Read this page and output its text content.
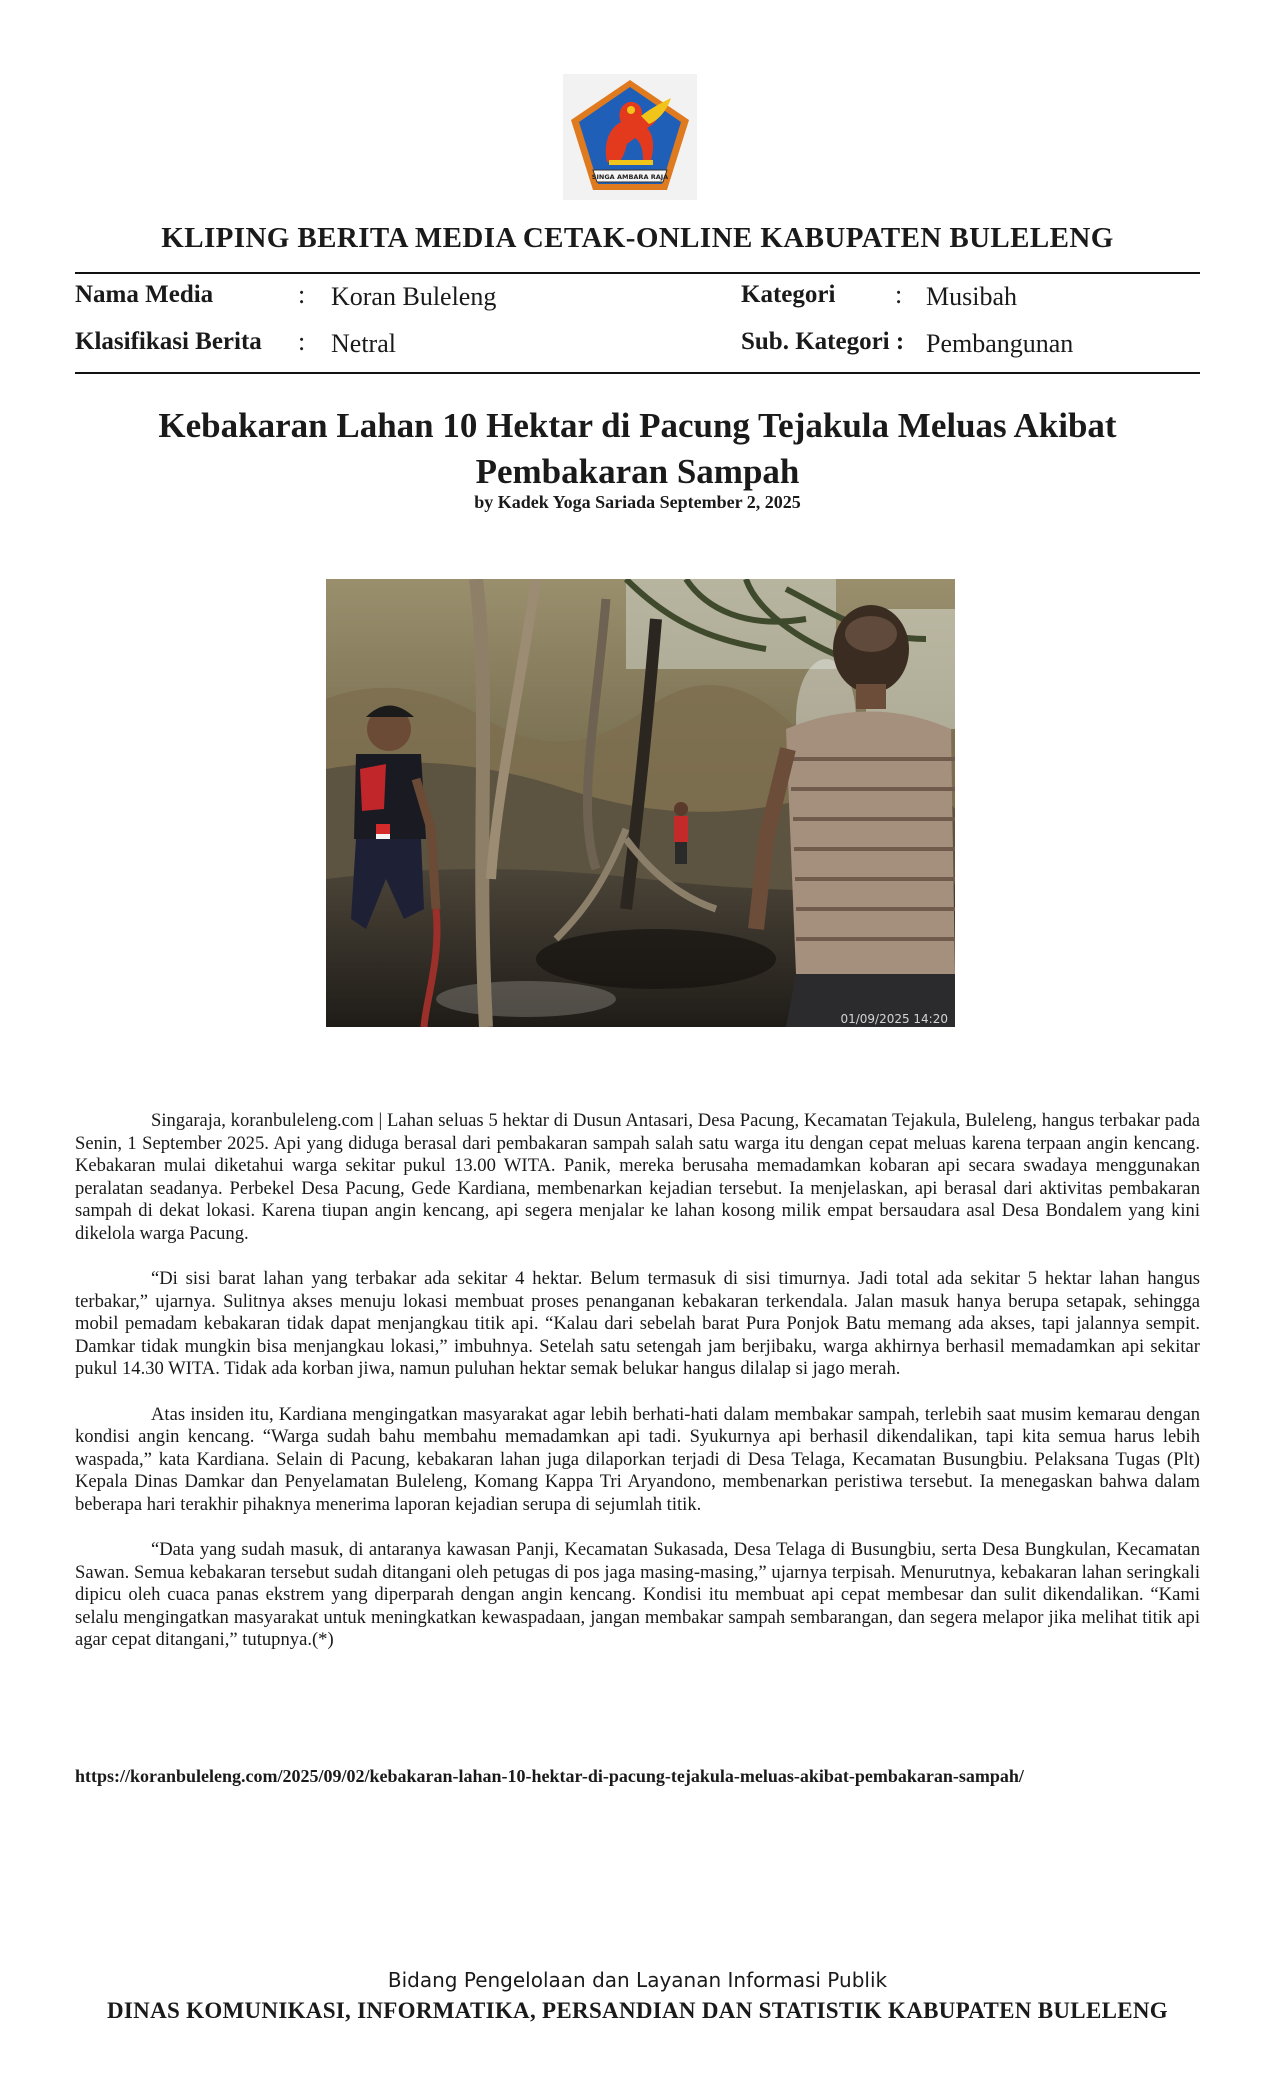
SINGA AMBARA RAJA
KLIPING BERITA MEDIA CETAK-ONLINE KABUPATEN BULELENG
Nama Media	: Koran Buleleng	Kategori : Musibah
Klasifikasi Berita : Netral	Sub. Kategori : Pembangunan
Kebakaran Lahan 10 Hektar di Pacung Tejakula Meluas Akibat
Pembakaran Sampah
by Kadek Yoga Sariada September 2, 2025
01/09/2025 14:20

Singaraja, koranbuleleng.com | Lahan seluas 5 hektar di Dusun Antasari, Desa Pacung, Kecamatan Tejakula, Buleleng, hangus terbakar pada Senin, 1 September 2025. Api yang diduga berasal dari pembakaran sampah salah satu warga itu dengan cepat meluas karena terpaan angin kencang. Kebakaran mulai diketahui warga sekitar pukul 13.00 WITA. Panik, mereka berusaha memadamkan kobaran api secara swadaya menggunakan peralatan seadanya. Perbekel Desa Pacung, Gede Kardiana, membenarkan kejadian tersebut. Ia menjelaskan, api berasal dari aktivitas pembakaran sampah di dekat lokasi. Karena tiupan angin kencang, api segera menjalar ke lahan kosong milik empat bersaudara asal Desa Bondalem yang kini dikelola warga Pacung.

“Di sisi barat lahan yang terbakar ada sekitar 4 hektar. Belum termasuk di sisi timurnya. Jadi total ada sekitar 5 hektar lahan hangus terbakar,” ujarnya. Sulitnya akses menuju lokasi membuat proses penanganan kebakaran terkendala. Jalan masuk hanya berupa setapak, sehingga mobil pemadam kebakaran tidak dapat menjangkau titik api. “Kalau dari sebelah barat Pura Ponjok Batu memang ada akses, tapi jalannya sempit. Damkar tidak mungkin bisa menjangkau lokasi,” imbuhnya. Setelah satu setengah jam berjibaku, warga akhirnya berhasil memadamkan api sekitar pukul 14.30 WITA. Tidak ada korban jiwa, namun puluhan hektar semak belukar hangus dilalap si jago merah.

Atas insiden itu, Kardiana mengingatkan masyarakat agar lebih berhati-hati dalam membakar sampah, terlebih saat musim kemarau dengan kondisi angin kencang. “Warga sudah bahu membahu memadamkan api tadi. Syukurnya api berhasil dikendalikan, tapi kita semua harus lebih waspada,” kata Kardiana. Selain di Pacung, kebakaran lahan juga dilaporkan terjadi di Desa Telaga, Kecamatan Busungbiu. Pelaksana Tugas (Plt) Kepala Dinas Damkar dan Penyelamatan Buleleng, Komang Kappa Tri Aryandono, membenarkan peristiwa tersebut. Ia menegaskan bahwa dalam beberapa hari terakhir pihaknya menerima laporan kejadian serupa di sejumlah titik.

“Data yang sudah masuk, di antaranya kawasan Panji, Kecamatan Sukasada, Desa Telaga di Busungbiu, serta Desa Bungkulan, Kecamatan Sawan. Semua kebakaran tersebut sudah ditangani oleh petugas di pos jaga masing-masing,” ujarnya terpisah. Menurutnya, kebakaran lahan seringkali dipicu oleh cuaca panas ekstrem yang diperparah dengan angin kencang. Kondisi itu membuat api cepat membesar dan sulit dikendalikan. “Kami selalu mengingatkan masyarakat untuk meningkatkan kewaspadaan, jangan membakar sampah sembarangan, dan segera melapor jika melihat titik api agar cepat ditangani,” tutupnya.(*)

https://koranbuleleng.com/2025/09/02/kebakaran-lahan-10-hektar-di-pacung-tejakula-meluas-akibat-pembakaran-sampah/
Bidang Pengelolaan dan Layanan Informasi Publik
DINAS KOMUNIKASI, INFORMATIKA, PERSANDIAN DAN STATISTIK KABUPATEN BULELENG
